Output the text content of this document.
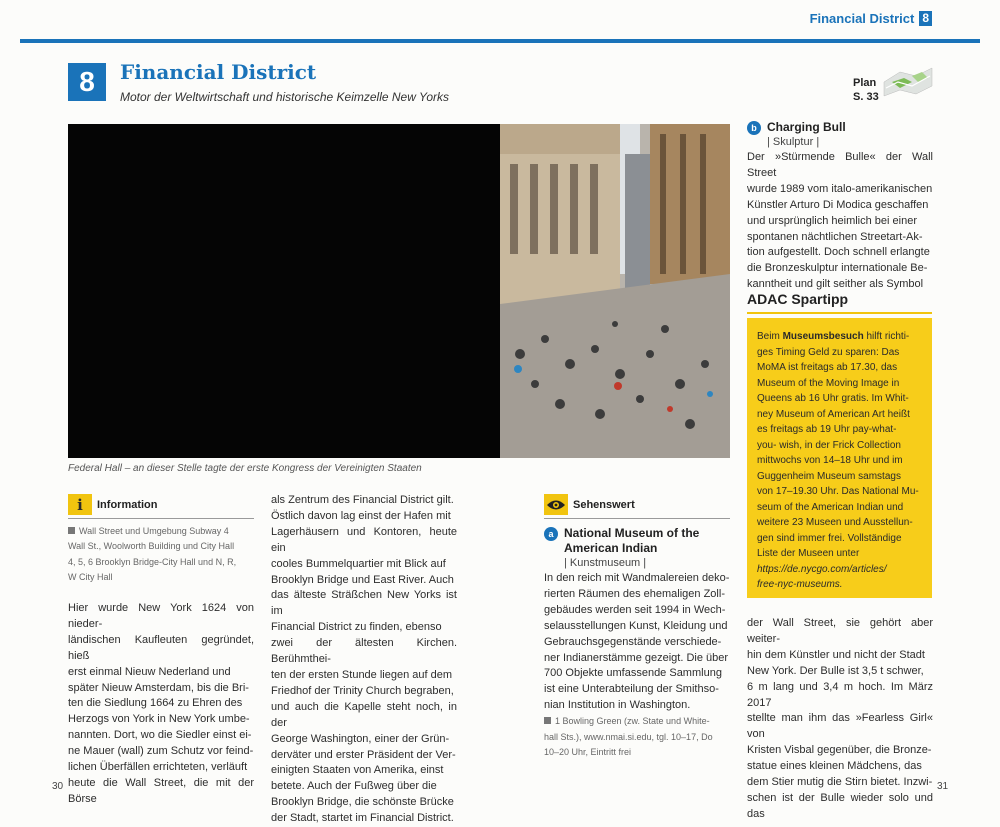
Financial District 8
8	Financial District
Motor der Weltwirtschaft und historische Keimzelle New Yorks
Plan
S. 33
Federal Hall – an dieser Stelle tagte der erste Kongress der Vereinigten Staaten
i	Information
Wall Street und Umgebung Subway 4
Wall St., Woolworth Building und City Hall
4, 5, 6 Brooklyn Bridge-City Hall und N, R,
W City Hall
Hier wurde New York 1624 von nieder-
ländischen Kaufleuten gegründet, hieß
erst einmal Nieuw Nederland und
später Nieuw Amsterdam, bis die Bri-
ten die Siedlung 1664 zu Ehren des
Herzogs von York in New York umbe-
nannten. Dort, wo die Siedler einst ei-
ne Mauer (wall) zum Schutz vor feind-
lichen Überfällen errichteten, verläuft
heute die Wall Street, die mit der Börse
als Zentrum des Financial District gilt.
Östlich davon lag einst der Hafen mit
Lagerhäusern und Kontoren, heute ein
cooles Bummelquartier mit Blick auf
Brooklyn Bridge und East River. Auch
das älteste Sträßchen New Yorks ist im
Financial District zu finden, ebenso
zwei der ältesten Kirchen. Berühmthei-
ten der ersten Stunde liegen auf dem
Friedhof der Trinity Church begraben,
und auch die Kapelle steht noch, in der
George Washington, einer der Grün-
derväter und erster Präsident der Ver-
einigten Staaten von Amerika, einst
betete. Auch der Fußweg über die
Brooklyn Bridge, die schönste Brücke
der Stadt, startet im Financial District.
Sehenswert
a National Museum of the
American Indian
| Kunstmuseum |
In den reich mit Wandmalereien deko-
rierten Räumen des ehemaligen Zoll-
gebäudes werden seit 1994 in Wech-
selausstellungen Kunst, Kleidung und
Gebrauchsgegenstände verschiede-
ner Indianerstämme gezeigt. Die über
700 Objekte umfassende Sammlung
ist eine Unterabteilung der Smithso-
nian Institution in Washington.
1 Bowling Green (zw. State und White-
hall Sts.), www.nmai.si.edu, tgl. 10–17, Do
10–20 Uhr, Eintritt frei
b Charging Bull
| Skulptur |
Der »Stürmende Bulle« der Wall Street
wurde 1989 vom italo-amerikanischen
Künstler Arturo Di Modica geschaffen
und ursprünglich heimlich bei einer
spontanen nächtlichen Streetart-Ak-
tion aufgestellt. Doch schnell erlangte
die Bronzeskulptur internationale Be-
kanntheit und gilt seither als Symbol
ADAC Spartipp
Beim Museumsbesuch hilft richti-
ges Timing Geld zu sparen: Das
MoMA ist freitags ab 17.30, das
Museum of the Moving Image in
Queens ab 16 Uhr gratis. Im Whit-
ney Museum of American Art heißt
es freitags ab 19 Uhr pay-what-
you- wish, in der Frick Collection
mittwochs von 14–18 Uhr und im
Guggenheim Museum samstags
von 17–19.30 Uhr. Das National Mu-
seum of the American Indian und
weitere 23 Museen und Ausstellun-
gen sind immer frei. Vollständige
Liste der Museen unter
https://de.nycgo.com/articles/
free-nyc-museums.
der Wall Street, sie gehört aber weiter-
hin dem Künstler und nicht der Stadt
New York. Der Bulle ist 3,5 t schwer,
6 m lang und 3,4 m hoch. Im März 2017
stellte man ihm das »Fearless Girl« von
Kristen Visbal gegenüber, die Bronze-
statue eines kleinen Mädchens, das
dem Stier mutig die Stirn bietet. Inzwi-
schen ist der Bulle wieder solo und das
30	31
